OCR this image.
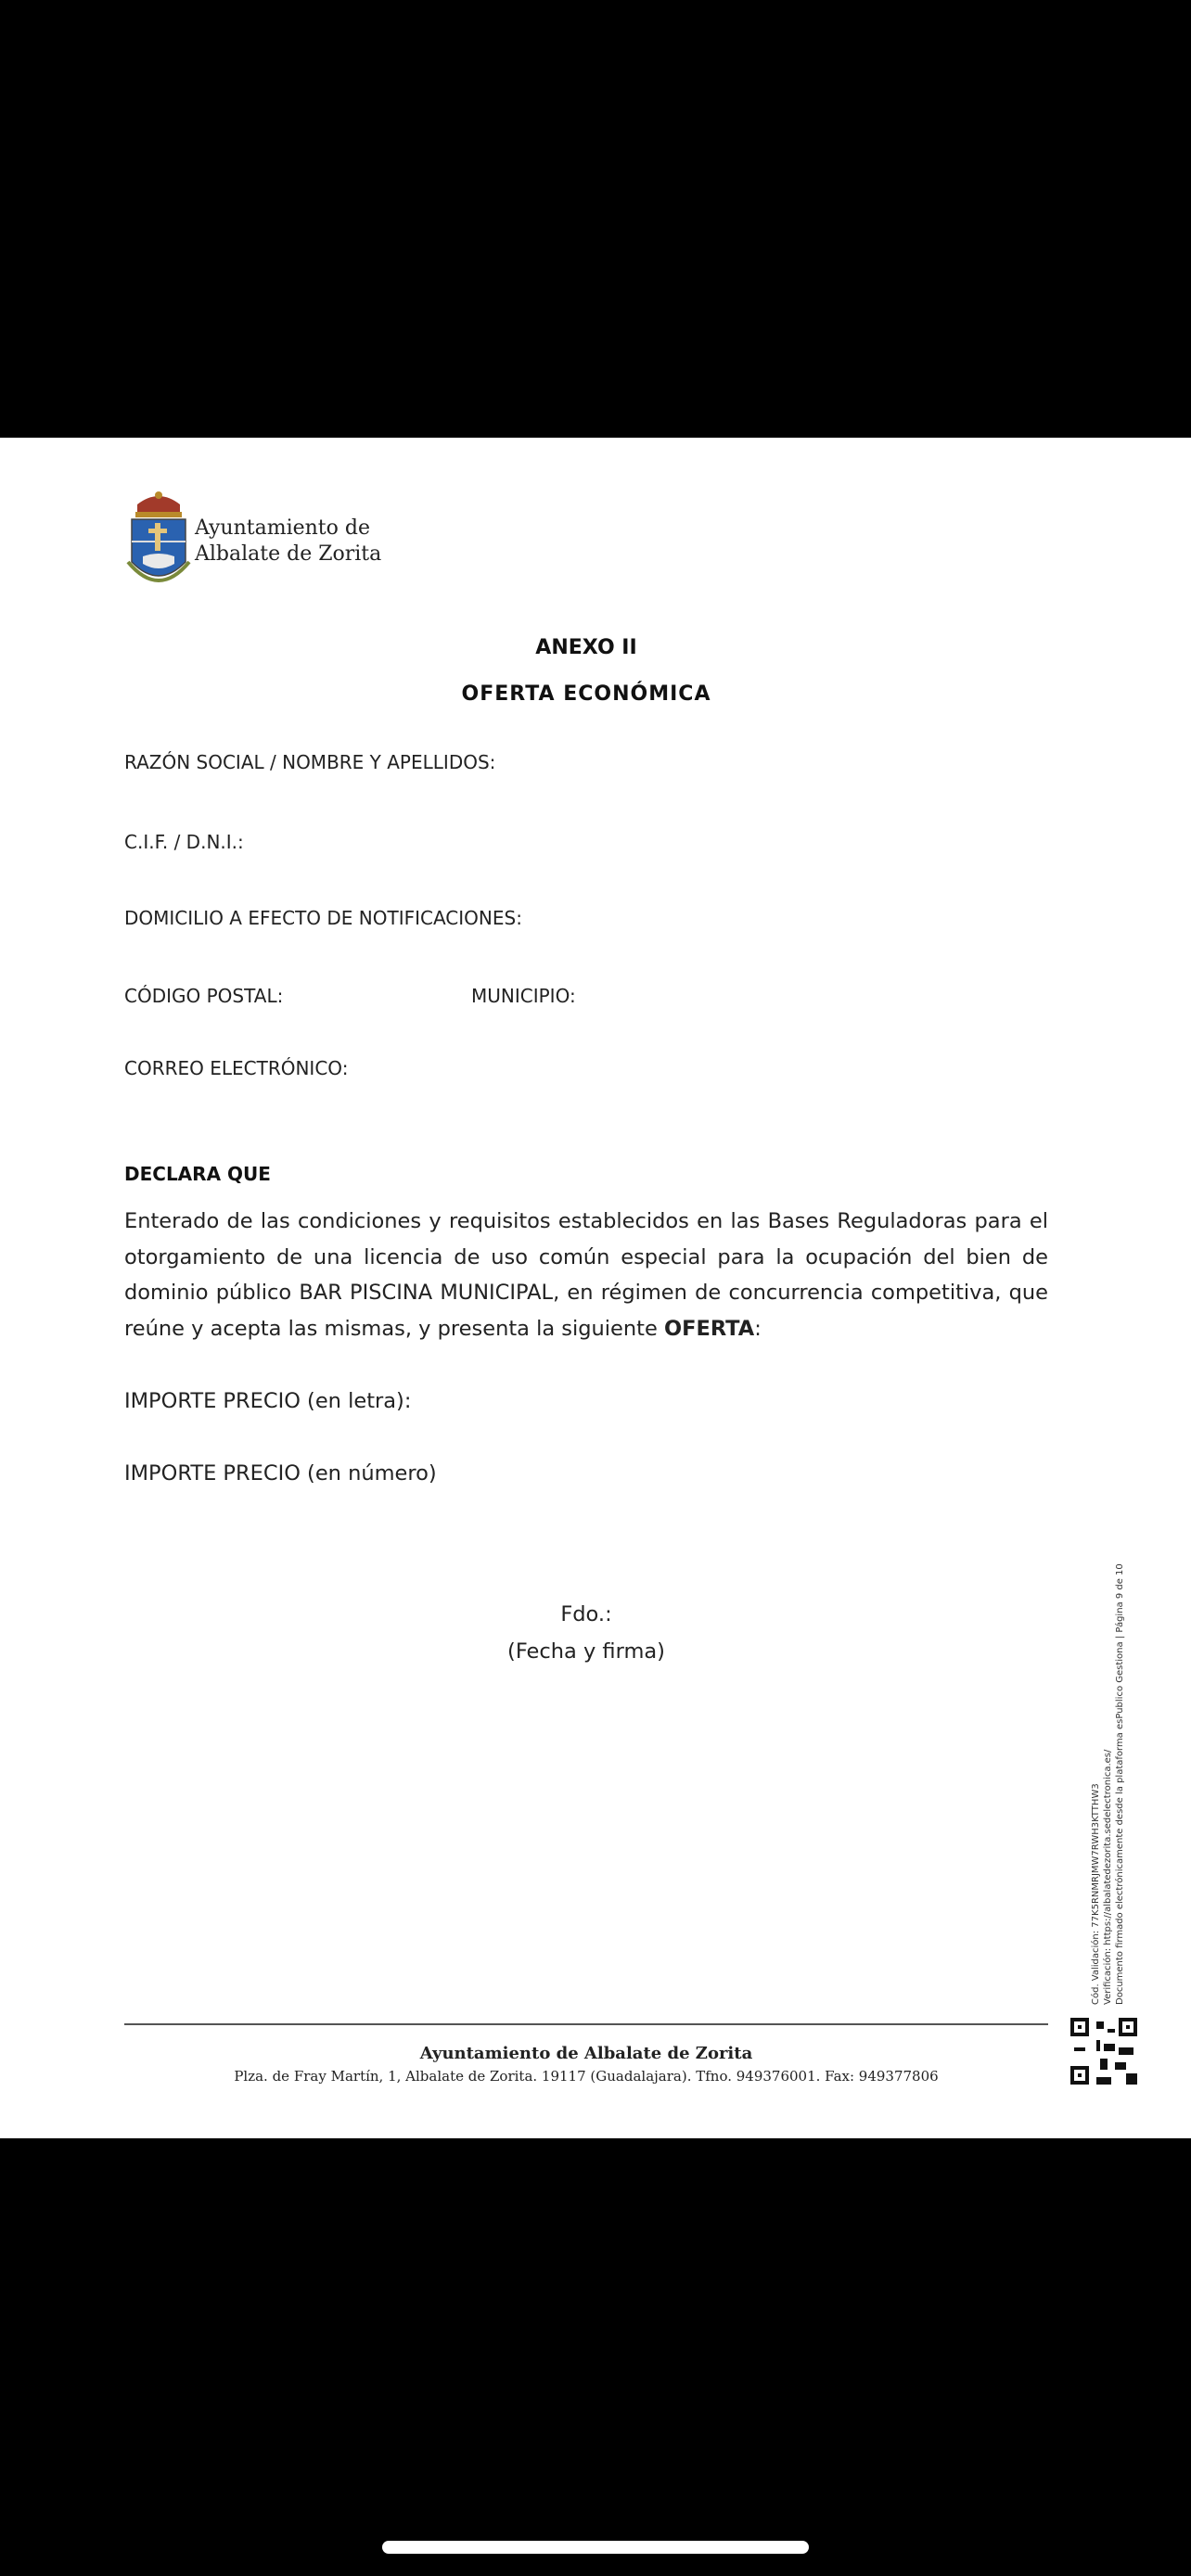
Ayuntamiento de
Albalate de Zorita
ANEXO II
OFERTA ECONÓMICA
RAZÓN SOCIAL / NOMBRE Y APELLIDOS:
C.I.F. / D.N.I.:
DOMICILIO A EFECTO DE NOTIFICACIONES:
CÓDIGO POSTAL:	MUNICIPIO:
CORREO ELECTRÓNICO:
DECLARA QUE
Enterado de las condiciones y requisitos establecidos en las Bases Reguladoras para el otorgamiento de una licencia de uso común especial para la ocupación del bien de dominio público BAR PISCINA MUNICIPAL, en régimen de concurrencia competitiva, que reúne y acepta las mismas, y presenta la siguiente OFERTA:
IMPORTE PRECIO (en letra):
IMPORTE PRECIO (en número)
Fdo.:
(Fecha y firma)
Cód. Validación: 77K5RNMRJMW7RWH3KTTHW3 Verificación: https://albalatedezorita.sedelectronica.es/ Documento firmado electrónicamente desde la plataforma esPublico Gestiona | Página 9 de 10
Ayuntamiento de Albalate de Zorita
Plza. de Fray Martín, 1, Albalate de Zorita. 19117 (Guadalajara). Tfno. 949376001. Fax: 949377806
